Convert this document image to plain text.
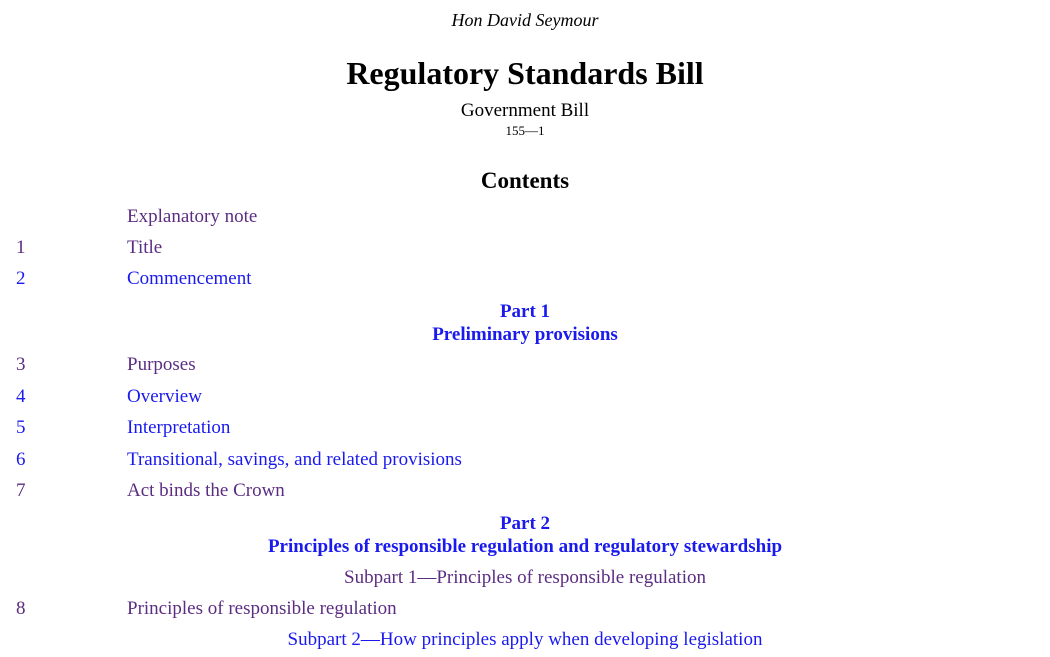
Hon David Seymour
Regulatory Standards Bill
Government Bill
155—1
Contents
Explanatory note
1	Title
2	Commencement
Part 1
Preliminary provisions
3	Purposes
4	Overview
5	Interpretation
6	Transitional, savings, and related provisions
7	Act binds the Crown
Part 2
Principles of responsible regulation and regulatory stewardship
Subpart 1—Principles of responsible regulation
8	Principles of responsible regulation
Subpart 2—How principles apply when developing legislation
